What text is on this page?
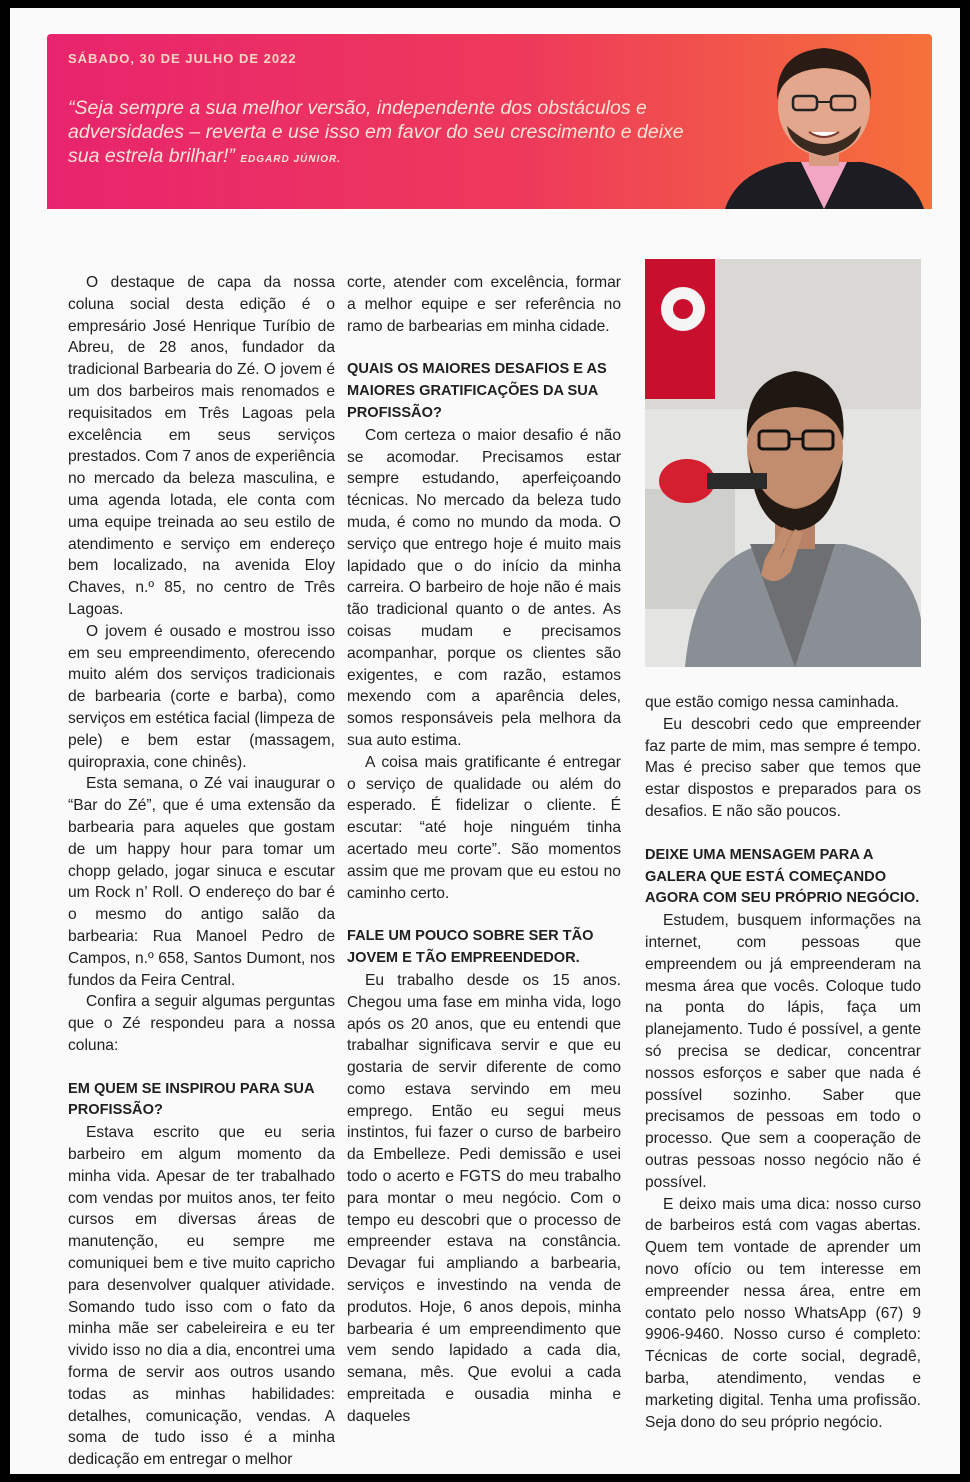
SÁBADO, 30 DE JULHO DE 2022
“Seja sempre a sua melhor versão, independente dos obstáculos e adversidades – reverta e use isso em favor do seu crescimento e deixe sua estrela brilhar!” EDGARD JÚNIOR.

O destaque de capa da nossa coluna social desta edição é o empresário José Henrique Turíbio de Abreu, de 28 anos, fundador da tradicional Barbearia do Zé. O jovem é um dos barbeiros mais renomados e requisitados em Três Lagoas pela excelência em seus serviços prestados. Com 7 anos de experiência no mercado da beleza masculina, e uma agenda lotada, ele conta com uma equipe treinada ao seu estilo de atendimento e serviço em endereço bem localizado, na avenida Eloy Chaves, n.º 85, no centro de Três Lagoas.

O jovem é ousado e mostrou isso em seu empreendimento, oferecendo muito além dos serviços tradicionais de barbearia (corte e barba), como serviços em estética facial (limpeza de pele) e bem estar (massagem, quiropraxia, cone chinês).

Esta semana, o Zé vai inaugurar o “Bar do Zé”, que é uma extensão da barbearia para aqueles que gostam de um happy hour para tomar um chopp gelado, jogar sinuca e escutar um Rock n’ Roll. O endereço do bar é o mesmo do antigo salão da barbearia: Rua Manoel Pedro de Campos, n.º 658, Santos Dumont, nos fundos da Feira Central.

Confira a seguir algumas perguntas que o Zé respondeu para a nossa coluna:

EM QUEM SE INSPIROU PARA SUA PROFISSÃO?

Estava escrito que eu seria barbeiro em algum momento da minha vida. Apesar de ter trabalhado com vendas por muitos anos, ter feito cursos em diversas áreas de manutenção, eu sempre me comuniquei bem e tive muito capricho para desenvolver qualquer atividade. Somando tudo isso com o fato da minha mãe ser cabeleireira e eu ter vivido isso no dia a dia, encontrei uma forma de servir aos outros usando todas as minhas habilidades: detalhes, comunicação, vendas. A soma de tudo isso é a minha dedicação em entregar o melhor

corte, atender com excelência, formar a melhor equipe e ser referência no ramo de barbearias em minha cidade.

QUAIS OS MAIORES DESAFIOS E AS MAIORES GRATIFICAÇÕES DA SUA PROFISSÃO?

Com certeza o maior desafio é não se acomodar. Precisamos estar sempre estudando, aperfeiçoando técnicas. No mercado da beleza tudo muda, é como no mundo da moda. O serviço que entrego hoje é muito mais lapidado que o do início da minha carreira. O barbeiro de hoje não é mais tão tradicional quanto o de antes. As coisas mudam e precisamos acompanhar, porque os clientes são exigentes, e com razão, estamos mexendo com a aparência deles, somos responsáveis pela melhora da sua auto estima.

A coisa mais gratificante é entregar o serviço de qualidade ou além do esperado. É fidelizar o cliente. É escutar: “até hoje ninguém tinha acertado meu corte”. São momentos assim que me provam que eu estou no caminho certo.

FALE UM POUCO SOBRE SER TÃO JOVEM E TÃO EMPREENDEDOR.

Eu trabalho desde os 15 anos. Chegou uma fase em minha vida, logo após os 20 anos, que eu entendi que trabalhar significava servir e que eu gostaria de servir diferente de como como estava servindo em meu emprego. Então eu segui meus instintos, fui fazer o curso de barbeiro da Embelleze. Pedi demissão e usei todo o acerto e FGTS do meu trabalho para montar o meu negócio. Com o tempo eu descobri que o processo de empreender estava na constância. Devagar fui ampliando a barbearia, serviços e investindo na venda de produtos. Hoje, 6 anos depois, minha barbearia é um empreendimento que vem sendo lapidado a cada dia, semana, mês. Que evolui a cada empreitada e ousadia minha e daqueles

que estão comigo nessa caminhada.

Eu descobri cedo que empreender faz parte de mim, mas sempre é tempo. Mas é preciso saber que temos que estar dispostos e preparados para os desafios. E não são poucos.

DEIXE UMA MENSAGEM PARA A GALERA QUE ESTÁ COMEÇANDO AGORA COM SEU PRÓPRIO NEGÓCIO.

Estudem, busquem informações na internet, com pessoas que empreendem ou já empreenderam na mesma área que vocês. Coloque tudo na ponta do lápis, faça um planejamento. Tudo é possível, a gente só precisa se dedicar, concentrar nossos esforços e saber que nada é possível sozinho. Saber que precisamos de pessoas em todo o processo. Que sem a cooperação de outras pessoas nosso negócio não é possível.

E deixo mais uma dica: nosso curso de barbeiros está com vagas abertas. Quem tem vontade de aprender um novo ofício ou tem interesse em empreender nessa área, entre em contato pelo nosso WhatsApp (67) 9 9906-9460. Nosso curso é completo: Técnicas de corte social, degradê, barba, atendimento, vendas e marketing digital. Tenha uma profissão. Seja dono do seu próprio negócio.
